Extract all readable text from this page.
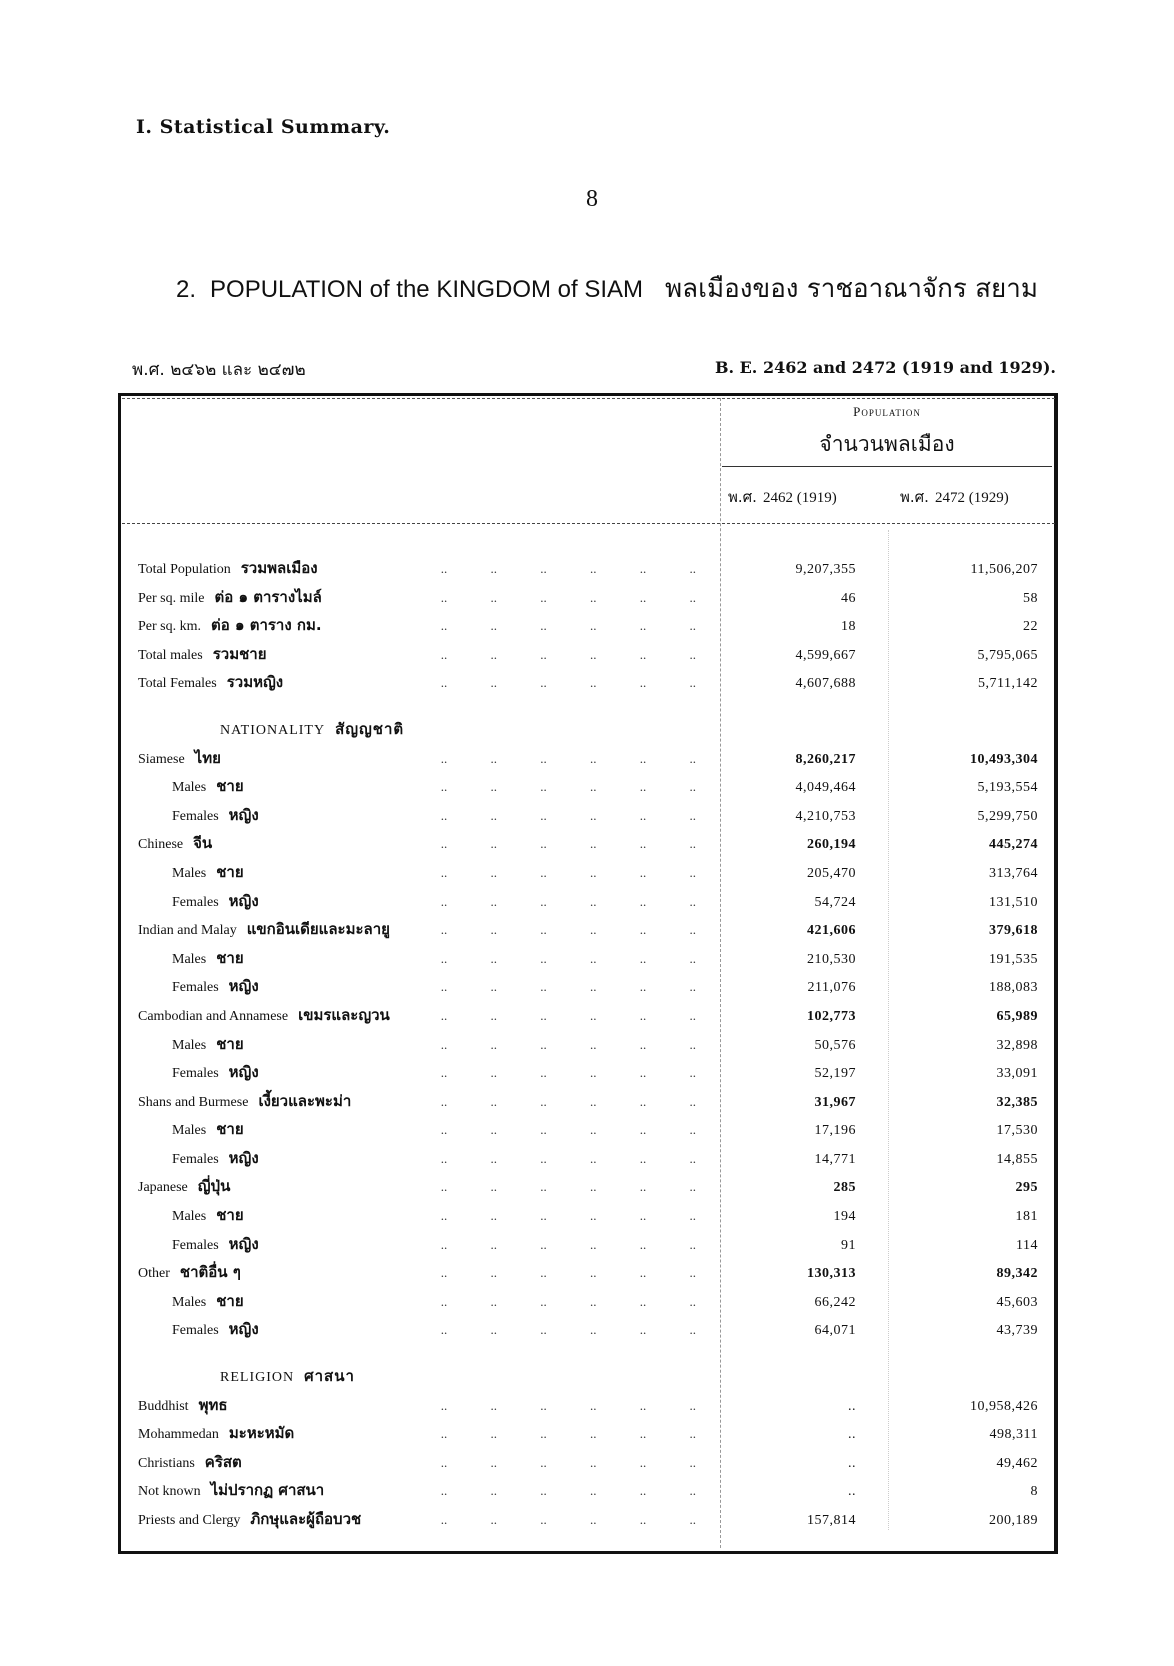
I. Statistical Summary.
8
2. POPULATION of the KINGDOM of SIAM พลเมืองของ ราชอาณาจักร สยาม
พ.ศ. ๒๔๖๒ และ ๒๔๗๒	B. E. 2462 and 2472 (1919 and 1929).
Population
จำนวนพลเมือง
พ.ศ. 2462 (1919)	พ.ศ. 2472 (1929)
Total Population รวมพลเมือง	.. .. .. .. .. ..	9,207,355	11,506,207
Per sq. mile ต่อ ๑ ตารางไมล์	.. .. .. .. .. ..	46	58
Per sq. km. ต่อ ๑ ตาราง กม.	.. .. .. .. .. ..	18	22
Total males รวมชาย	.. .. .. .. .. ..	4,599,667	5,795,065
Total Females รวมหญิง	.. .. .. .. .. ..	4,607,688	5,711,142
NATIONALITY สัญญชาติ
Siamese ไทย	.. .. .. .. .. ..	8,260,217	10,493,304
Males ชาย	.. .. .. .. .. ..	4,049,464	5,193,554
Females หญิง	.. .. .. .. .. ..	4,210,753	5,299,750
Chinese จีน	.. .. .. .. .. ..	260,194	445,274
Males ชาย	.. .. .. .. .. ..	205,470	313,764
Females หญิง	.. .. .. .. .. ..	54,724	131,510
Indian and Malay แขกอินเดียและมะลายู	.. .. .. .. .. ..	421,606	379,618
Males ชาย	.. .. .. .. .. ..	210,530	191,535
Females หญิง	.. .. .. .. .. ..	211,076	188,083
Cambodian and Annamese เขมรและญวน	.. .. .. .. .. ..	102,773	65,989
Males ชาย	.. .. .. .. .. ..	50,576	32,898
Females หญิง	.. .. .. .. .. ..	52,197	33,091
Shans and Burmese เงี้ยวและพะม่า	.. .. .. .. .. ..	31,967	32,385
Males ชาย	.. .. .. .. .. ..	17,196	17,530
Females หญิง	.. .. .. .. .. ..	14,771	14,855
Japanese ญี่ปุ่น	.. .. .. .. .. ..	285	295
Males ชาย	.. .. .. .. .. ..	194	181
Females หญิง	.. .. .. .. .. ..	91	114
Other ชาติอื่น ๆ	.. .. .. .. .. ..	130,313	89,342
Males ชาย	.. .. .. .. .. ..	66,242	45,603
Females หญิง	.. .. .. .. .. ..	64,071	43,739
RELIGION ศาสนา
Buddhist พุทธ	.. .. .. .. .. ..	..	10,958,426
Mohammedan มะหะหมัด	.. .. .. .. .. ..	..	498,311
Christians คริสต	.. .. .. .. .. ..	..	49,462
Not known ไม่ปรากฏ ศาสนา	.. .. .. .. .. ..	..	8
Priests and Clergy ภิกษุและผู้ถือบวช	.. .. .. .. .. ..	157,814	200,189
